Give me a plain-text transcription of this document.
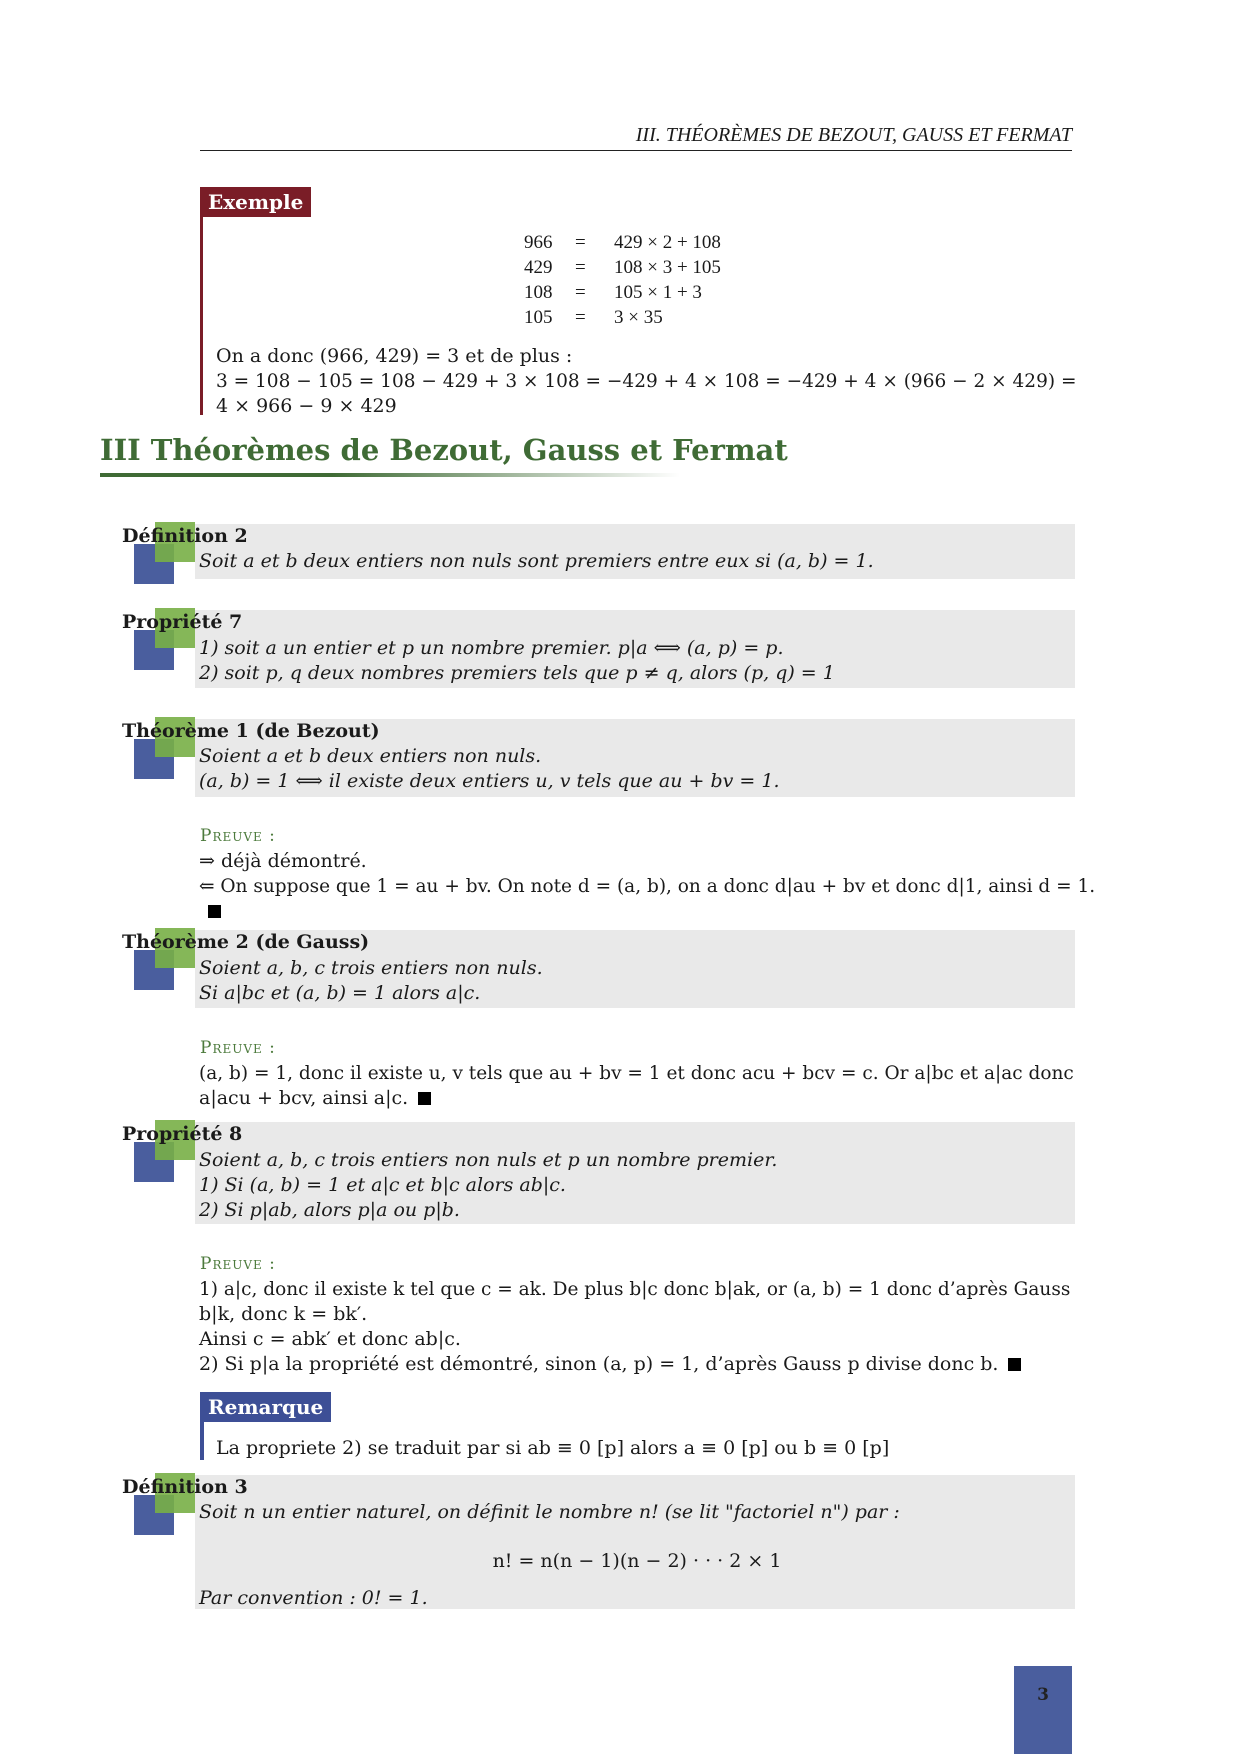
III. THÉORÈMES DE BEZOUT, GAUSS ET FERMAT
Exemple
966 = 429 × 2 + 108
429 = 108 × 3 + 105
108 = 105 × 1 + 3
105 = 3 × 35
On a donc (966, 429) = 3 et de plus :
3 = 108 − 105 = 108 − 429 + 3 × 108 = −429 + 4 × 108 = −429 + 4 × (966 − 2 × 429) =
4 × 966 − 9 × 429
III Théorèmes de Bezout, Gauss et Fermat
Définition 2
Soit a et b deux entiers non nuls sont premiers entre eux si (a, b) = 1.
Propriété 7
1) soit a un entier et p un nombre premier. p|a ⟺ (a, p) = p.
2) soit p, q deux nombres premiers tels que p ≠ q, alors (p, q) = 1
Théorème 1 (de Bezout)
Soient a et b deux entiers non nuls.
(a, b) = 1 ⟺ il existe deux entiers u, v tels que au + bv = 1.
Preuve :
⇒ déjà démontré.
⇐ On suppose que 1 = au + bv. On note d = (a, b), on a donc d|au + bv et donc d|1, ainsi d = 1.
Théorème 2 (de Gauss)
Soient a, b, c trois entiers non nuls.
Si a|bc et (a, b) = 1 alors a|c.
Preuve :
(a, b) = 1, donc il existe u, v tels que au + bv = 1 et donc acu + bcv = c. Or a|bc et a|ac donc
a|acu + bcv, ainsi a|c.
Propriété 8
Soient a, b, c trois entiers non nuls et p un nombre premier.
1) Si (a, b) = 1 et a|c et b|c alors ab|c.
2) Si p|ab, alors p|a ou p|b.
Preuve :
1) a|c, donc il existe k tel que c = ak. De plus b|c donc b|ak, or (a, b) = 1 donc d’après Gauss
b|k, donc k = bk′.
Ainsi c = abk′ et donc ab|c.
2) Si p|a la propriété est démontré, sinon (a, p) = 1, d’après Gauss p divise donc b.
Remarque
La propriete 2) se traduit par si ab ≡ 0 [p] alors a ≡ 0 [p] ou b ≡ 0 [p]
Définition 3
Soit n un entier naturel, on définit le nombre n! (se lit "factoriel n") par :
n! = n(n − 1)(n − 2) · · · 2 × 1
Par convention : 0! = 1.
3
